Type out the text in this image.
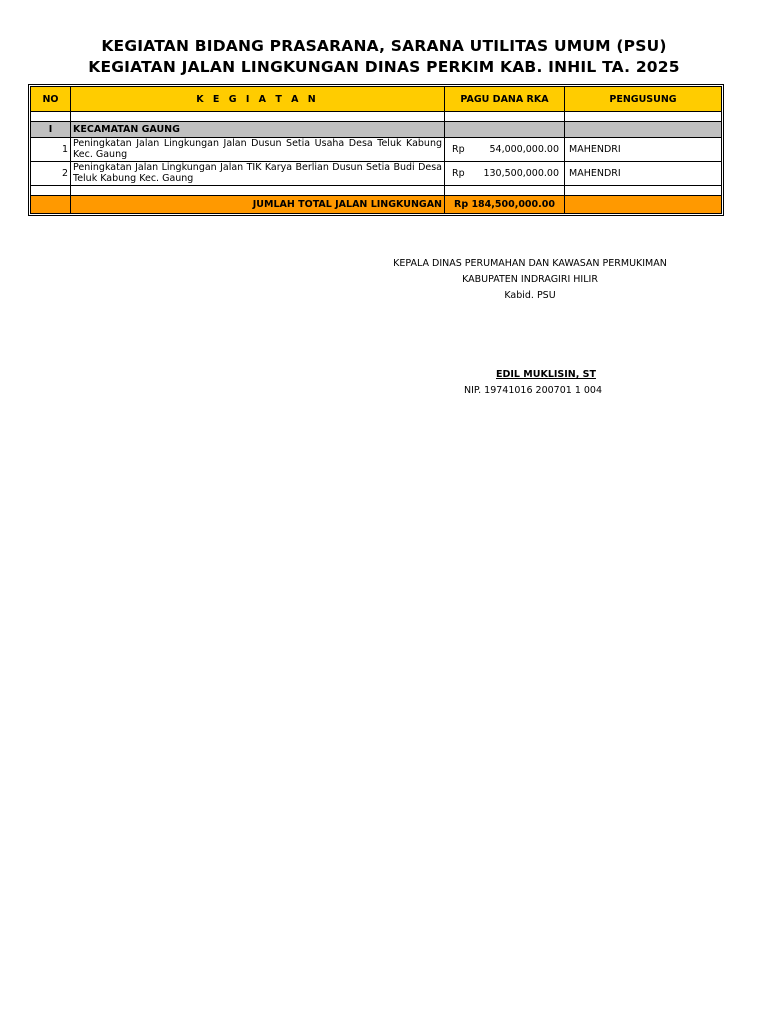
KEGIATAN BIDANG PRASARANA, SARANA UTILITAS UMUM (PSU)
KEGIATAN JALAN LINGKUNGAN DINAS PERKIM KAB. INHIL TA. 2025
NO	K E G I A T A N	PAGU DANA RKA	PENGUSUNG

I	KECAMATAN GAUNG		
1	Peningkatan Jalan Lingkungan Jalan Dusun Setia Usaha Desa Teluk Kabung Kec. Gaung	Rp 54,000,000.00	MAHENDRI
2	Peningkatan Jalan Lingkungan Jalan TIK Karya Berlian Dusun Setia Budi Desa Teluk Kabung Kec. Gaung	Rp 130,500,000.00	MAHENDRI

	JUMLAH TOTAL JALAN LINGKUNGAN	Rp 184,500,000.00	
KEPALA DINAS PERUMAHAN DAN KAWASAN PERMUKIMAN
KABUPATEN INDRAGIRI HILIR
Kabid. PSU
EDIL MUKLISIN, ST
NIP. 19741016 200701 1 004
